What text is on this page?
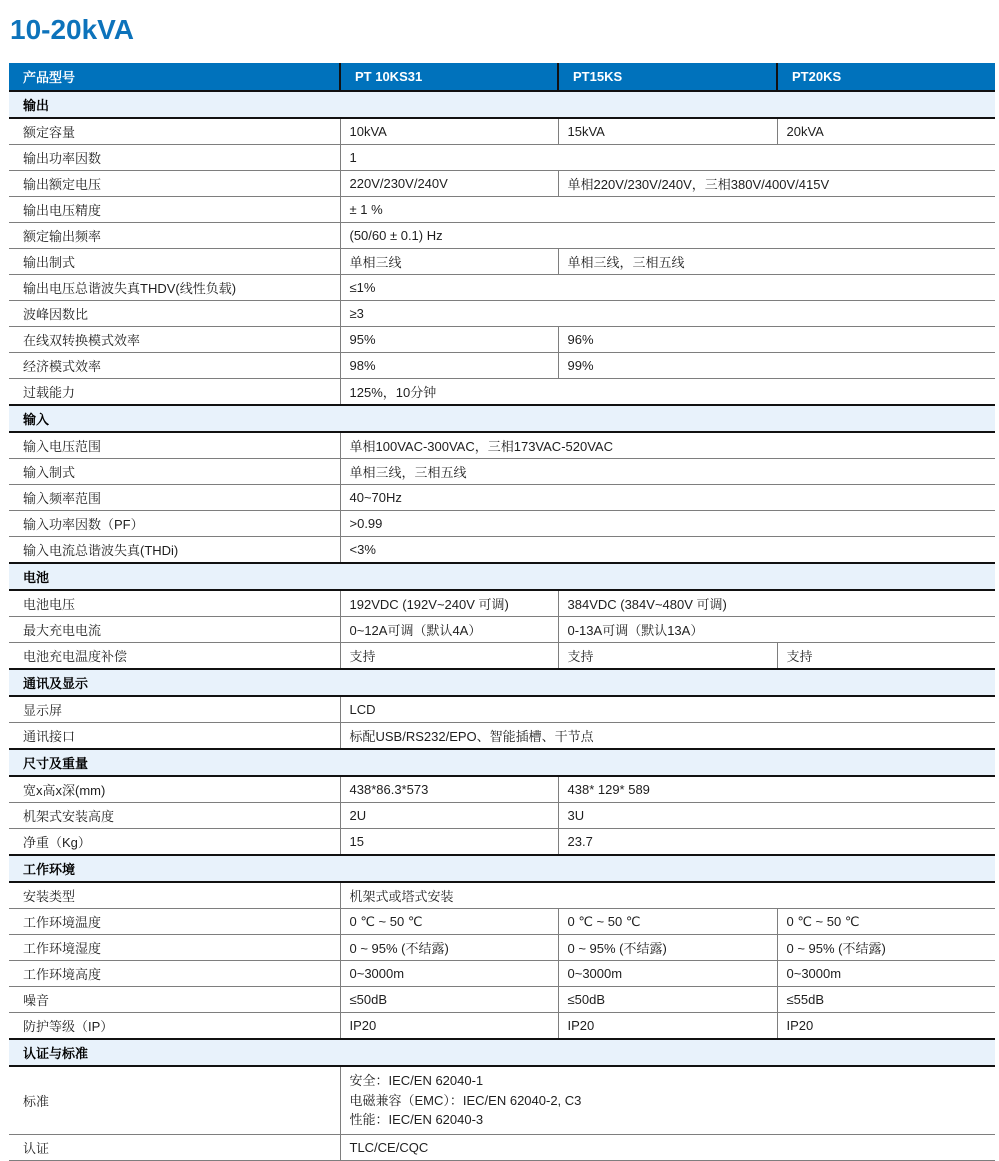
10-20kVA
产品型号	PT 10KS31	PT15KS	PT20KS
输出			
额定容量	10kVA	15kVA	20kVA
输出功率因数	1		
输出额定电压	220V/230V/240V	单相220V/230V/240V，三相380V/400V/415V	
输出电压精度	± 1 %		
额定输出频率	(50/60 ± 0.1) Hz		
输出制式	单相三线	单相三线，三相五线	
输出电压总谐波失真THDV(线性负载)	≤1%		
波峰因数比	≥3		
在线双转换模式效率	95%	96%	
经济模式效率	98%	99%	
过载能力	125%，10分钟		
输入			
输入电压范围	单相100VAC-300VAC，三相173VAC-520VAC		
输入制式	单相三线，三相五线		
输入频率范围	40~70Hz		
输入功率因数（PF）	>0.99		
输入电流总谐波失真(THDi)	<3%		
电池			
电池电压	192VDC (192V~240V 可调)	384VDC (384V~480V 可调)	
最大充电电流	0~12A可调（默认4A）	0-13A可调（默认13A）	
电池充电温度补偿	支持	支持	支持
通讯及显示			
显示屏	LCD		
通讯接口	标配USB/RS232/EPO、智能插槽、干节点		
尺寸及重量			
宽x高x深(mm)	438*86.3*573	438* 129* 589	
机架式安装高度	2U	3U	
净重（Kg）	15	23.7	
工作环境			
安装类型	机架式或塔式安装		
工作环境温度	0 ℃ ~ 50 ℃	0 ℃ ~ 50 ℃	0 ℃ ~ 50 ℃
工作环境湿度	0 ~ 95% (不结露)	0 ~ 95% (不结露)	0 ~ 95% (不结露)
工作环境高度	0~3000m	0~3000m	0~3000m
噪音	≤50dB	≤50dB	≤55dB
防护等级（IP）	IP20	IP20	IP20
认证与标准			
标准	安全：IEC/EN 62040-1
电磁兼容（EMC）：IEC/EN 62040-2, C3
性能：IEC/EN 62040-3		

认证	TLC/CE/CQC		
